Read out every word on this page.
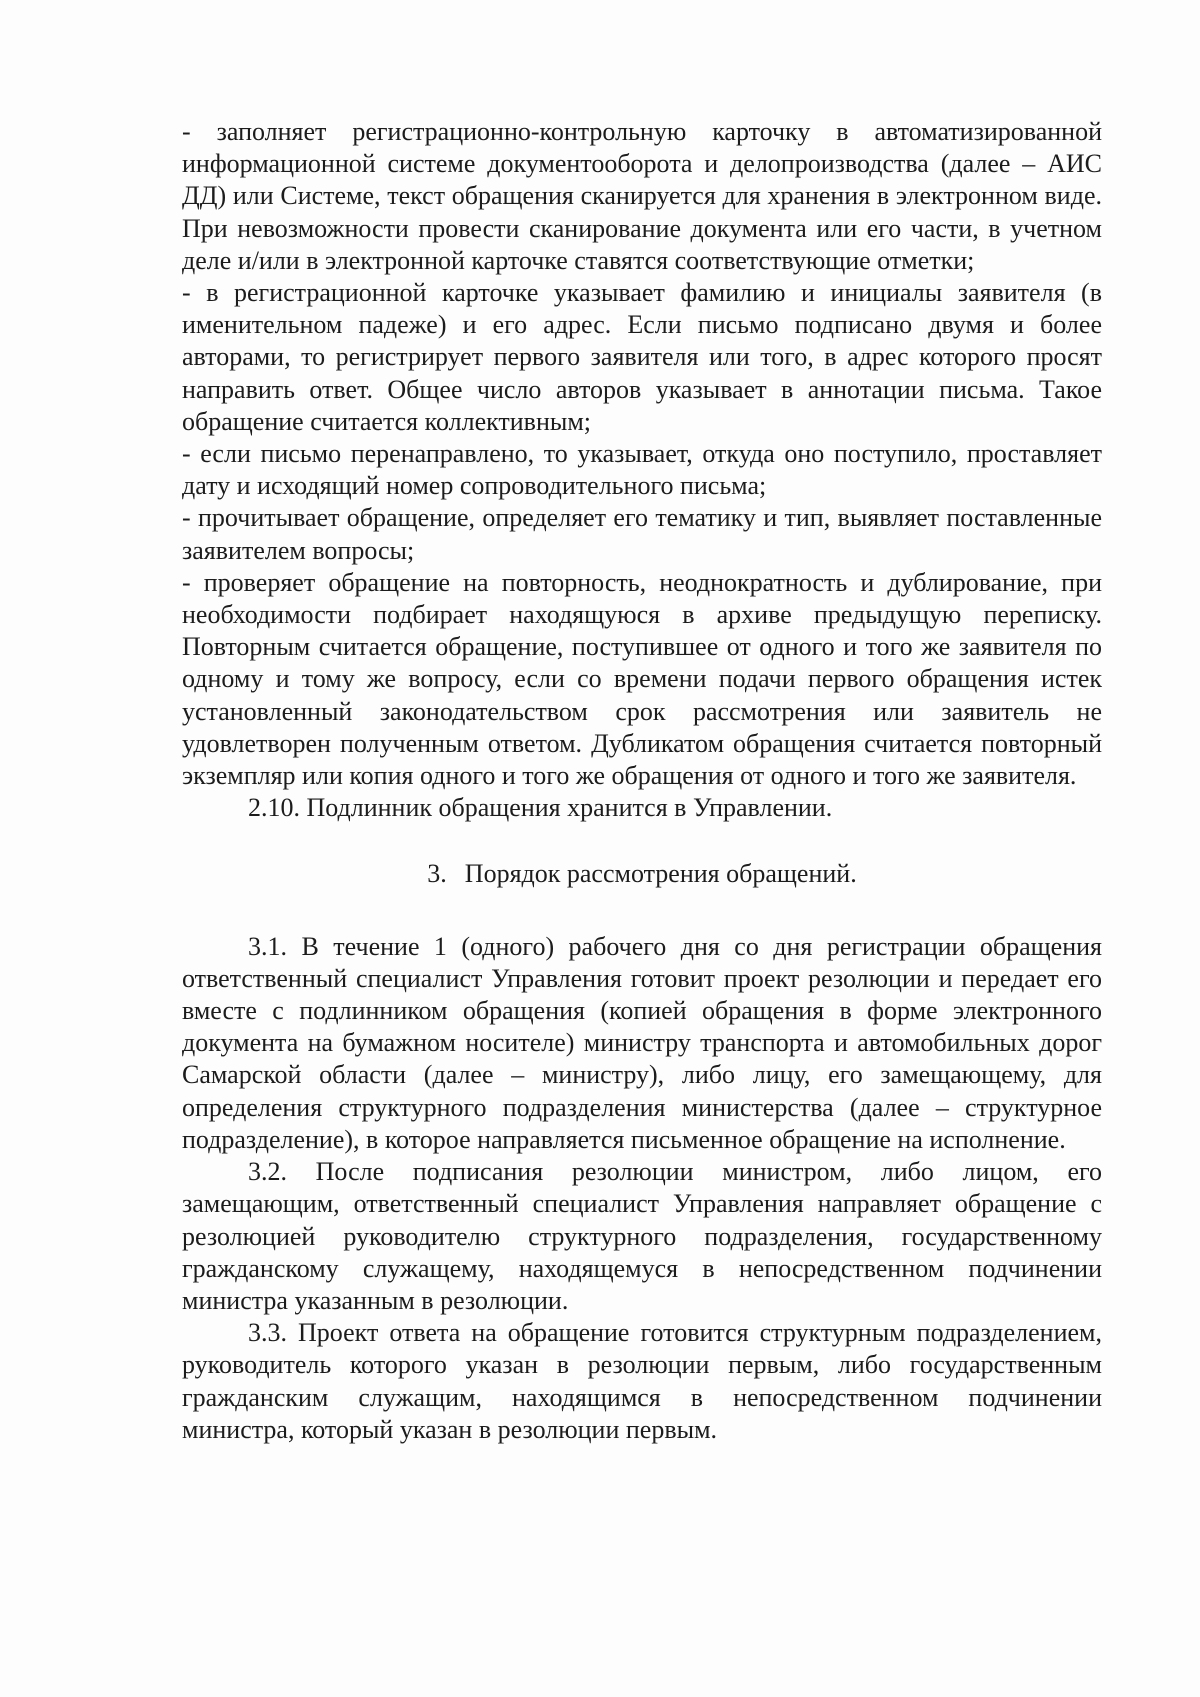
- заполняет регистрационно-контрольную карточку в автоматизированной информационной системе документооборота и делопроизводства (далее – АИС ДД) или Системе, текст обращения сканируется для хранения в электронном виде. При невозможности провести сканирование документа или его части, в учетном деле и/или в электронной карточке ставятся соответствующие отметки;

- в регистрационной карточке указывает фамилию и инициалы заявителя (в именительном падеже) и его адрес. Если письмо подписано двумя и более авторами, то регистрирует первого заявителя или того, в адрес которого просят направить ответ. Общее число авторов указывает в аннотации письма. Такое обращение считается коллективным;

- если письмо перенаправлено, то указывает, откуда оно поступило, проставляет дату и исходящий номер сопроводительного письма;

- прочитывает обращение, определяет его тематику и тип, выявляет поставленные заявителем вопросы;

- проверяет обращение на повторность, неоднократность и дублирование, при необходимости подбирает находящуюся в архиве предыдущую переписку. Повторным считается обращение, поступившее от одного и того же заявителя по одному и тому же вопросу, если со времени подачи первого обращения истек установленный законодательством срок рассмотрения или заявитель не удовлетворен полученным ответом. Дубликатом обращения считается повторный экземпляр или копия одного и того же обращения от одного и того же заявителя.

2.10. Подлинник обращения хранится в Управлении.

3. Порядок рассмотрения обращений.

3.1. В течение 1 (одного) рабочего дня со дня регистрации обращения ответственный специалист Управления готовит проект резолюции и передает его вместе с подлинником обращения (копией обращения в форме электронного документа на бумажном носителе) министру транспорта и автомобильных дорог Самарской области (далее – министру), либо лицу, его замещающему, для определения структурного подразделения министерства (далее – структурное подразделение), в которое направляется письменное обращение на исполнение.

3.2. После подписания резолюции министром, либо лицом, его замещающим, ответственный специалист Управления направляет обращение с резолюцией руководителю структурного подразделения, государственному гражданскому служащему, находящемуся в непосредственном подчинении министра указанным в резолюции.

3.3. Проект ответа на обращение готовится структурным подразделением, руководитель которого указан в резолюции первым, либо государственным гражданским служащим, находящимся в непосредственном подчинении министра, который указан в резолюции первым.
